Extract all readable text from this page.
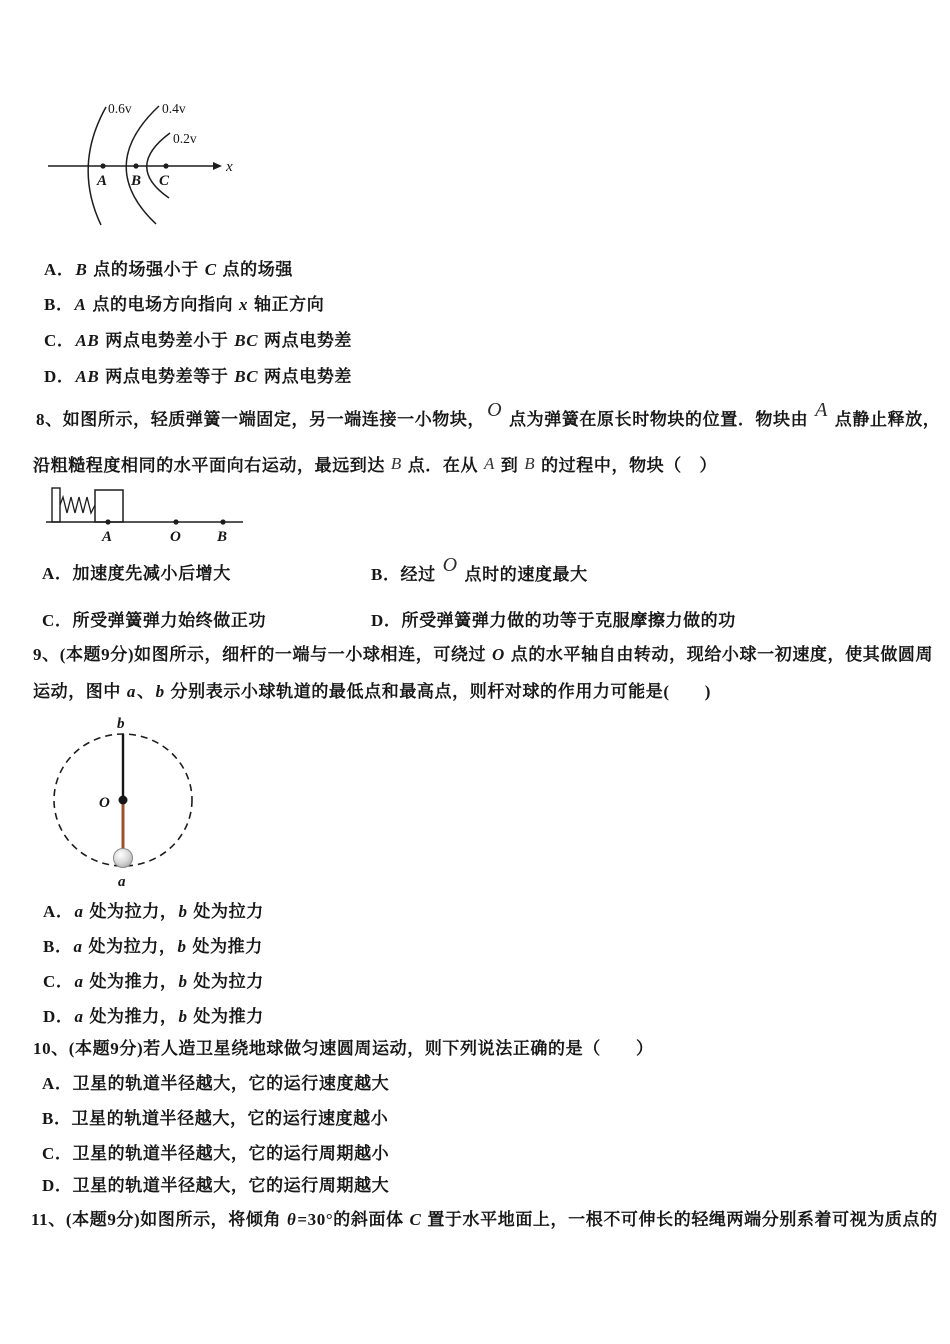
x
0.6v 0.4v
0.2v
A B C
A．B 点的场强小于 C 点的场强
B．A 点的电场方向指向 x 轴正方向
C．AB 两点电势差小于 BC 两点电势差
D．AB 两点电势差等于 BC 两点电势差
8、如图所示，轻质弹簧一端固定，另一端连接一小物块，O 点为弹簧在原长时物块的位置．物块由 A 点静止释放，
沿粗糙程度相同的水平面向右运动，最远到达 B 点．在从 A 到 B 的过程中，物块（　）
A	O B
A．加速度先减小后增大	B．经过 O 点时的速度最大
C．所受弹簧弹力始终做正功	D．所受弹簧弹力做的功等于克服摩擦力做的功
9、(本题9分)如图所示，细杆的一端与一小球相连，可绕过 O 点的水平轴自由转动，现给小球一初速度，使其做圆周
运动，图中 a、b 分别表示小球轨道的最低点和最高点，则杆对球的作用力可能是(　　)
b
O
a
A．a 处为拉力，b 处为拉力
B．a 处为拉力，b 处为推力
C．a 处为推力，b 处为拉力
D．a 处为推力，b 处为推力
10、(本题9分)若人造卫星绕地球做匀速圆周运动，则下列说法正确的是（　　）
A．卫星的轨道半径越大，它的运行速度越大
B．卫星的轨道半径越大，它的运行速度越小
C．卫星的轨道半径越大，它的运行周期越小
D．卫星的轨道半径越大，它的运行周期越大
11、(本题9分)如图所示，将倾角 θ=30°的斜面体 C 置于水平地面上，一根不可伸长的轻绳两端分别系着可视为质点的
